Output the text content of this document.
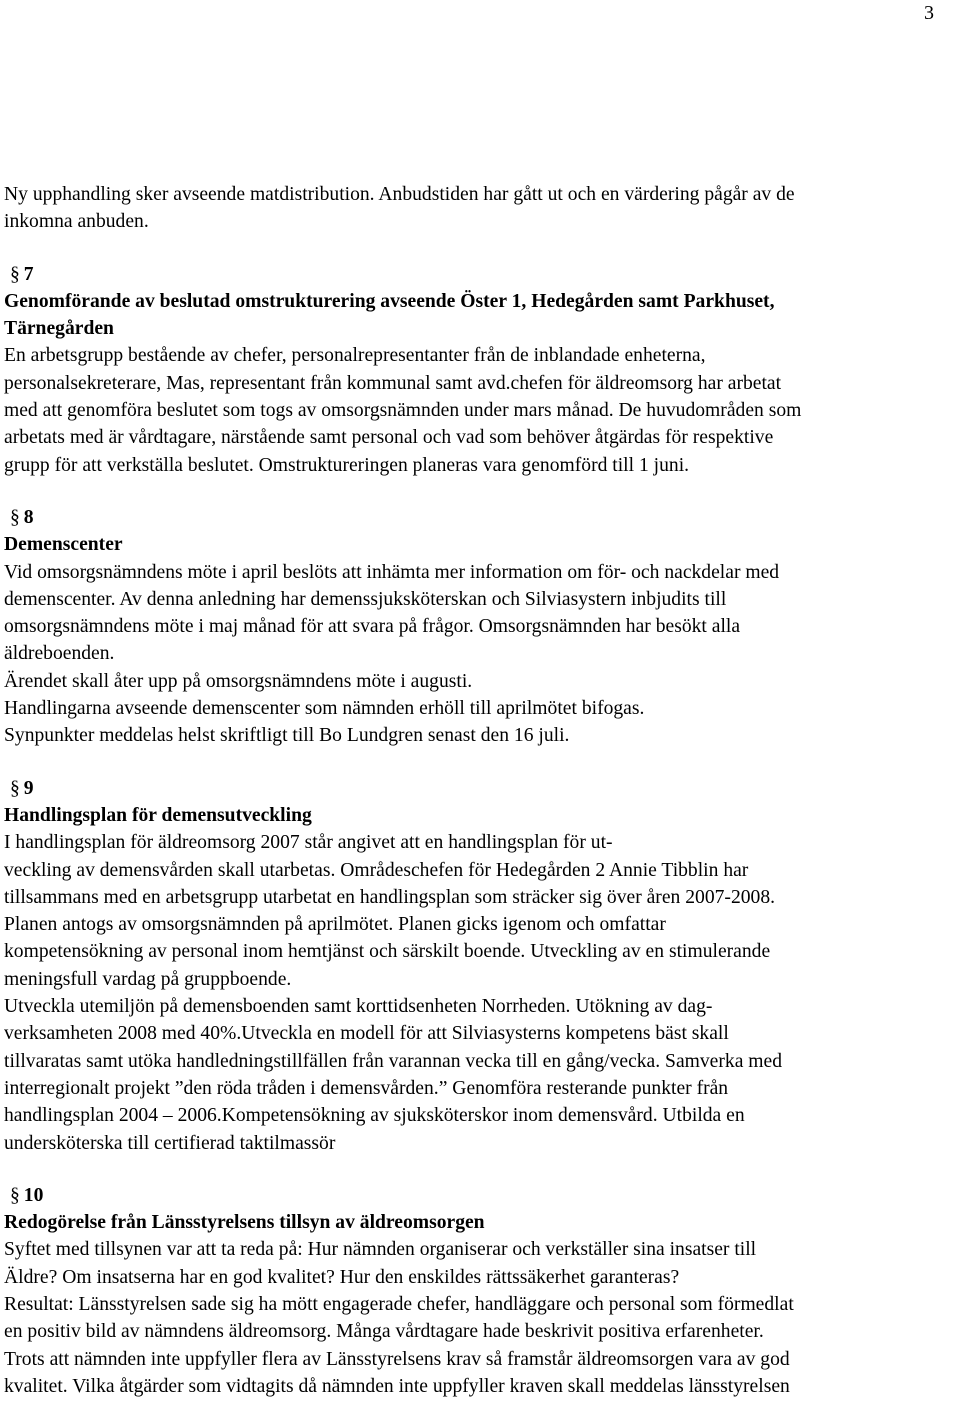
3

Ny upphandling sker avseende matdistribution. Anbudstiden har gått ut och en värdering pågår av de
inkomna anbuden.

§ 7
Genomförande av beslutad omstrukturering avseende Öster 1, Hedegården samt Parkhuset,
Tärnegården

En arbetsgrupp bestående av chefer, personalrepresentanter från de inblandade enheterna,
personalsekreterare, Mas, representant från kommunal samt avd.chefen för äldreomsorg har arbetat
med att genomföra beslutet som togs av omsorgsnämnden under mars månad. De huvudområden som
arbetats med är vårdtagare, närstående samt personal och vad som behöver åtgärdas för respektive
grupp för att verkställa beslutet. Omstruktureringen planeras vara genomförd till 1 juni.

§ 8
Demenscenter

Vid omsorgsnämndens möte i april beslöts att inhämta mer information om för- och nackdelar med
demenscenter. Av denna anledning har demenssjuksköterskan och Silviasystern inbjudits till
omsorgsnämndens möte i maj månad för att svara på frågor. Omsorgsnämnden har besökt alla
äldreboenden.
Ärendet skall åter upp på omsorgsnämndens möte i augusti.
Handlingarna avseende demenscenter som nämnden erhöll till aprilmötet bifogas.
Synpunkter meddelas helst skriftligt till Bo Lundgren senast den 16 juli.

§ 9
Handlingsplan för demensutveckling

I handlingsplan för äldreomsorg 2007 står angivet att en handlingsplan för ut-
veckling av demensvården skall utarbetas. Områdeschefen för Hedegården 2 Annie Tibblin har
tillsammans med en arbetsgrupp utarbetat en handlingsplan som sträcker sig över åren 2007-2008.
Planen antogs av omsorgsnämnden på aprilmötet. Planen gicks igenom och omfattar
kompetensökning av personal inom hemtjänst och särskilt boende. Utveckling av en stimulerande
meningsfull vardag på gruppboende.
Utveckla utemiljön på demensboenden samt korttidsenheten Norrheden. Utökning av dag-
verksamheten 2008 med 40%.Utveckla en modell för att Silviasysterns kompetens bäst skall
tillvaratas samt utöka handledningstillfällen från varannan vecka till en gång/vecka. Samverka med
interregionalt projekt ”den röda tråden i demensvården.” Genomföra resterande punkter från
handlingsplan 2004 – 2006.Kompetensökning av sjuksköterskor inom demensvård. Utbilda en
undersköterska till certifierad taktilmassör

§ 10
Redogörelse från Länsstyrelsens tillsyn av äldreomsorgen

Syftet med tillsynen var att ta reda på: Hur nämnden organiserar och verkställer sina insatser till
Äldre? Om insatserna har en god kvalitet? Hur den enskildes rättssäkerhet garanteras?
Resultat: Länsstyrelsen sade sig ha mött engagerade chefer, handläggare och personal som förmedlat
en positiv bild av nämndens äldreomsorg. Många vårdtagare hade beskrivit positiva erfarenheter.
Trots att nämnden inte uppfyller flera av Länsstyrelsens krav så framstår äldreomsorgen vara av god
kvalitet. Vilka åtgärder som vidtagits då nämnden inte uppfyller kraven skall meddelas länsstyrelsen
